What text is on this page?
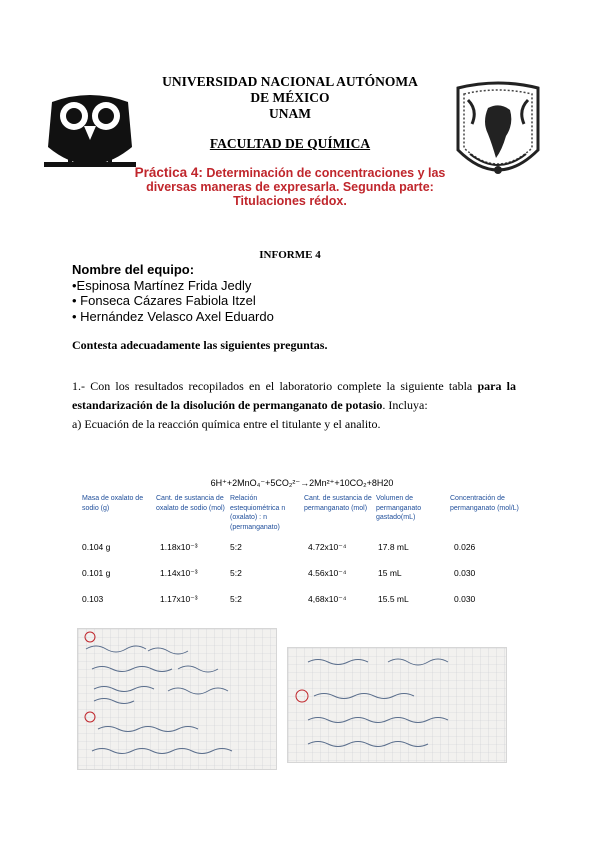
UNIVERSIDAD NACIONAL AUTÓNOMA
DE MÉXICO
UNAM
FACULTAD DE QUÍMICA
Práctica 4: Determinación de concentraciones y las diversas maneras de expresarla. Segunda parte: Titulaciones rédox.
INFORME 4
Nombre del equipo:
•Espinosa Martínez Frida Jedly
• Fonseca Cázares Fabiola Itzel
• Hernández Velasco Axel Eduardo
Contesta adecuadamente las siguientes preguntas.
1.- Con los resultados recopilados en el laboratorio complete la siguiente tabla para la estandarización de la disolución de permanganato de potasio. Incluya:
a) Ecuación de la reacción química entre el titulante y el analito.
6H⁺+2MnO₄⁻+5CO₂²⁻→2Mn²⁺+10CO₂+8H20
Masa de oxalato de sodio (g)	Cant. de sustancia de oxalato de sodio (mol)	Relación estequiométrica n (oxalato) : n (permanganato)	Cant. de sustancia de permanganato (mol)	Volumen de permanganato gastado(mL)	Concentración de permanganato (mol/L)
0.104 g	1.18x10⁻³	5:2	4.72x10⁻⁴	17.8 mL	0.026
0.101 g	1.14x10⁻³	5:2	4.56x10⁻⁴	15 mL	0.030
0.103	1.17x10⁻³	5:2	4,68x10⁻⁴	15.5 mL	0.030
